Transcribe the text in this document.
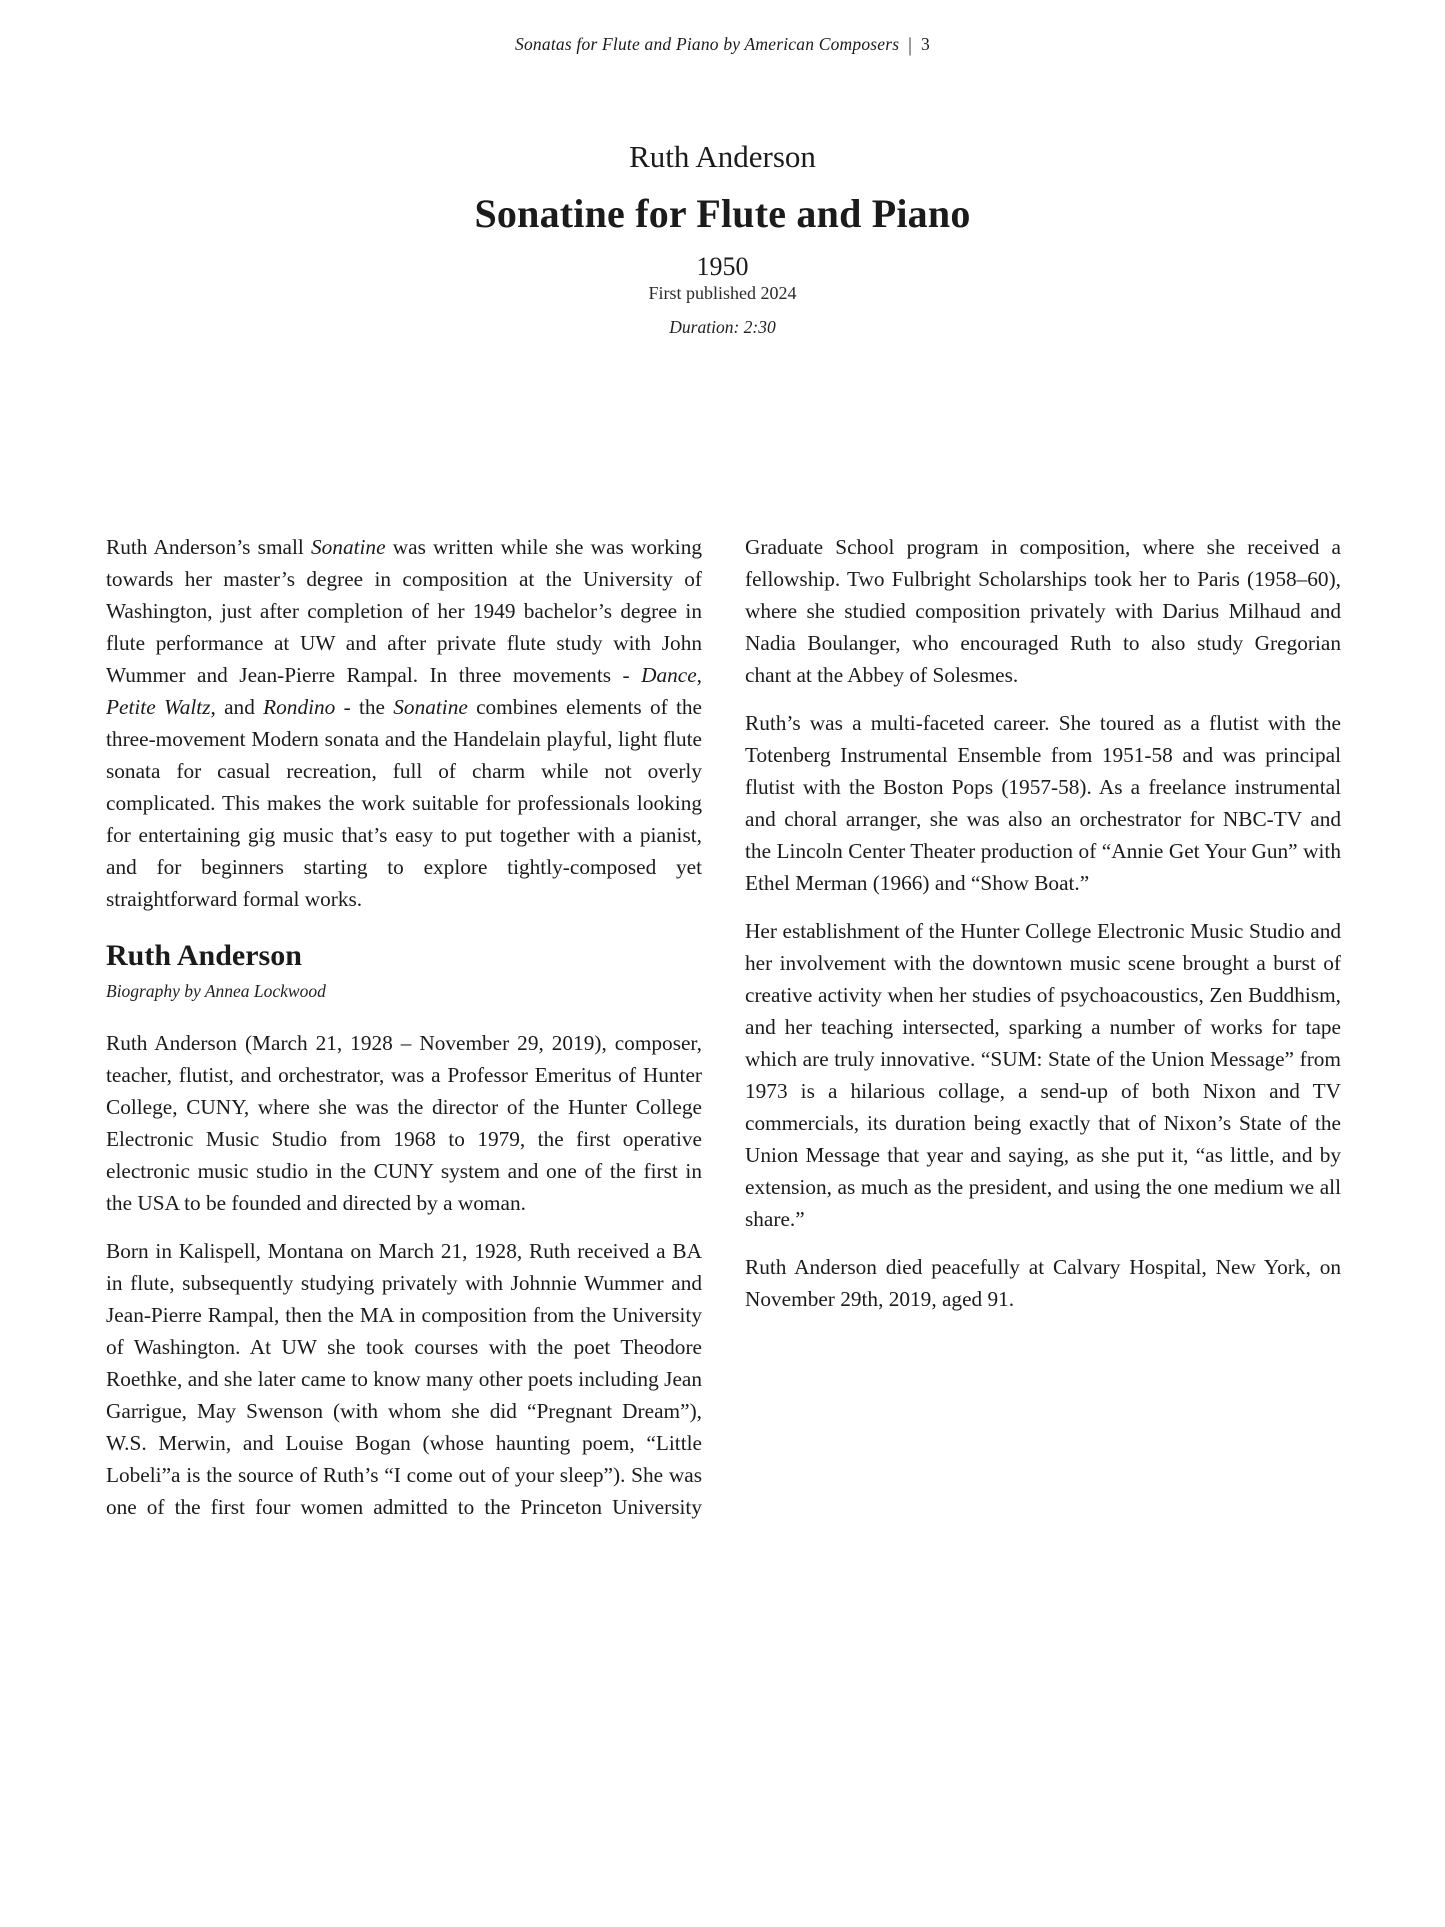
Sonatas for Flute and Piano by American Composers | 3
Ruth Anderson
Sonatine for Flute and Piano
1950
First published 2024
Duration: 2:30

Ruth Anderson’s small Sonatine was written while she was working towards her master’s degree in composition at the University of Washington, just after completion of her 1949 bachelor’s degree in flute performance at UW and after private flute study with John Wummer and Jean-Pierre Rampal. In three movements - Dance, Petite Waltz, and Rondino - the Sonatine combines elements of the three-movement Modern sonata and the Handelain playful, light flute sonata for casual recreation, full of charm while not overly complicated. This makes the work suitable for professionals looking for entertaining gig music that’s easy to put together with a pianist, and for beginners starting to explore tightly-composed yet straightforward formal works.

Ruth Anderson
Biography by Annea Lockwood

Ruth Anderson (March 21, 1928 – November 29, 2019), composer, teacher, flutist, and orchestrator, was a Professor Emeritus of Hunter College, CUNY, where she was the director of the Hunter College Electronic Music Studio from 1968 to 1979, the first operative electronic music studio in the CUNY system and one of the first in the USA to be founded and directed by a woman.

Born in Kalispell, Montana on March 21, 1928, Ruth received a BA in flute, subsequently studying privately with Johnnie Wummer and Jean-Pierre Rampal, then the MA in composition from the University of Washington. At UW she took courses with the poet Theodore Roethke, and she later came to know many other poets including Jean Garrigue, May Swenson (with whom she did “Pregnant Dream”), W.S. Merwin, and Louise Bogan (whose haunting poem, “Little Lobeli”a is the source of Ruth’s “I come out of your sleep”). She was one of the first four women admitted to the Princeton University

Graduate School program in composition, where she received a fellowship. Two Fulbright Scholarships took her to Paris (1958–60), where she studied composition privately with Darius Milhaud and Nadia Boulanger, who encouraged Ruth to also study Gregorian chant at the Abbey of Solesmes.

Ruth’s was a multi-faceted career. She toured as a flutist with the Totenberg Instrumental Ensemble from 1951-58 and was principal flutist with the Boston Pops (1957-58). As a freelance instrumental and choral arranger, she was also an orchestrator for NBC-TV and the Lincoln Center Theater production of “Annie Get Your Gun” with Ethel Merman (1966) and “Show Boat.”

Her establishment of the Hunter College Electronic Music Studio and her involvement with the downtown music scene brought a burst of creative activity when her studies of psychoacoustics, Zen Buddhism, and her teaching intersected, sparking a number of works for tape which are truly innovative. “SUM: State of the Union Message” from 1973 is a hilarious collage, a send-up of both Nixon and TV commercials, its duration being exactly that of Nixon’s State of the Union Message that year and saying, as she put it, “as little, and by extension, as much as the president, and using the one medium we all share.”

Ruth Anderson died peacefully at Calvary Hospital, New York, on November 29th, 2019, aged 91.
